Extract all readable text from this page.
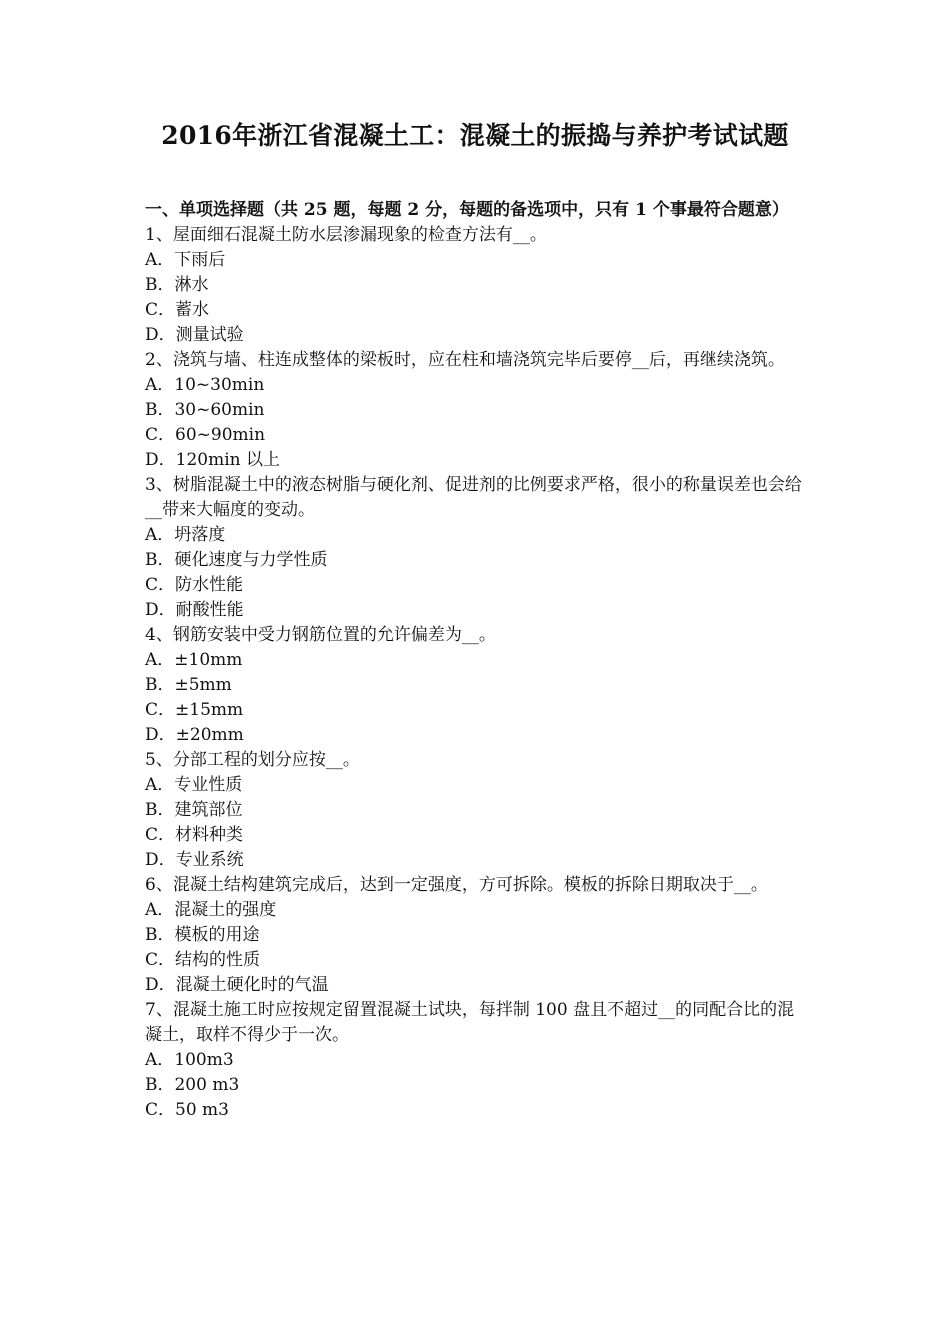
2016年浙江省混凝土工：混凝土的振捣与养护考试试题
一、单项选择题（共 25 题，每题 2 分，每题的备选项中，只有 1 个事最符合题意）
1、屋面细石混凝土防水层渗漏现象的检查方法有__。
A．下雨后
B．淋水
C．蓄水
D．测量试验
2、浇筑与墙、柱连成整体的梁板时，应在柱和墙浇筑完毕后要停__后，再继续浇筑。
A．10~30min
B．30~60min
C．60~90min
D．120min 以上
3、树脂混凝土中的液态树脂与硬化剂、促进剂的比例要求严格，很小的称量误差也会给__带来大幅度的变动。
A．坍落度
B．硬化速度与力学性质
C．防水性能
D．耐酸性能
4、钢筋安装中受力钢筋位置的允许偏差为__。
A．±10mm
B．±5mm
C．±15mm
D．±20mm
5、分部工程的划分应按__。
A．专业性质
B．建筑部位
C．材料种类
D．专业系统
6、混凝土结构建筑完成后，达到一定强度，方可拆除。模板的拆除日期取决于__。
A．混凝土的强度
B．模板的用途
C．结构的性质
D．混凝土硬化时的气温
7、混凝土施工时应按规定留置混凝土试块，每拌制 100 盘且不超过__的同配合比的混凝土，取样不得少于一次。
A．100m3
B．200 m3
C．50 m3
